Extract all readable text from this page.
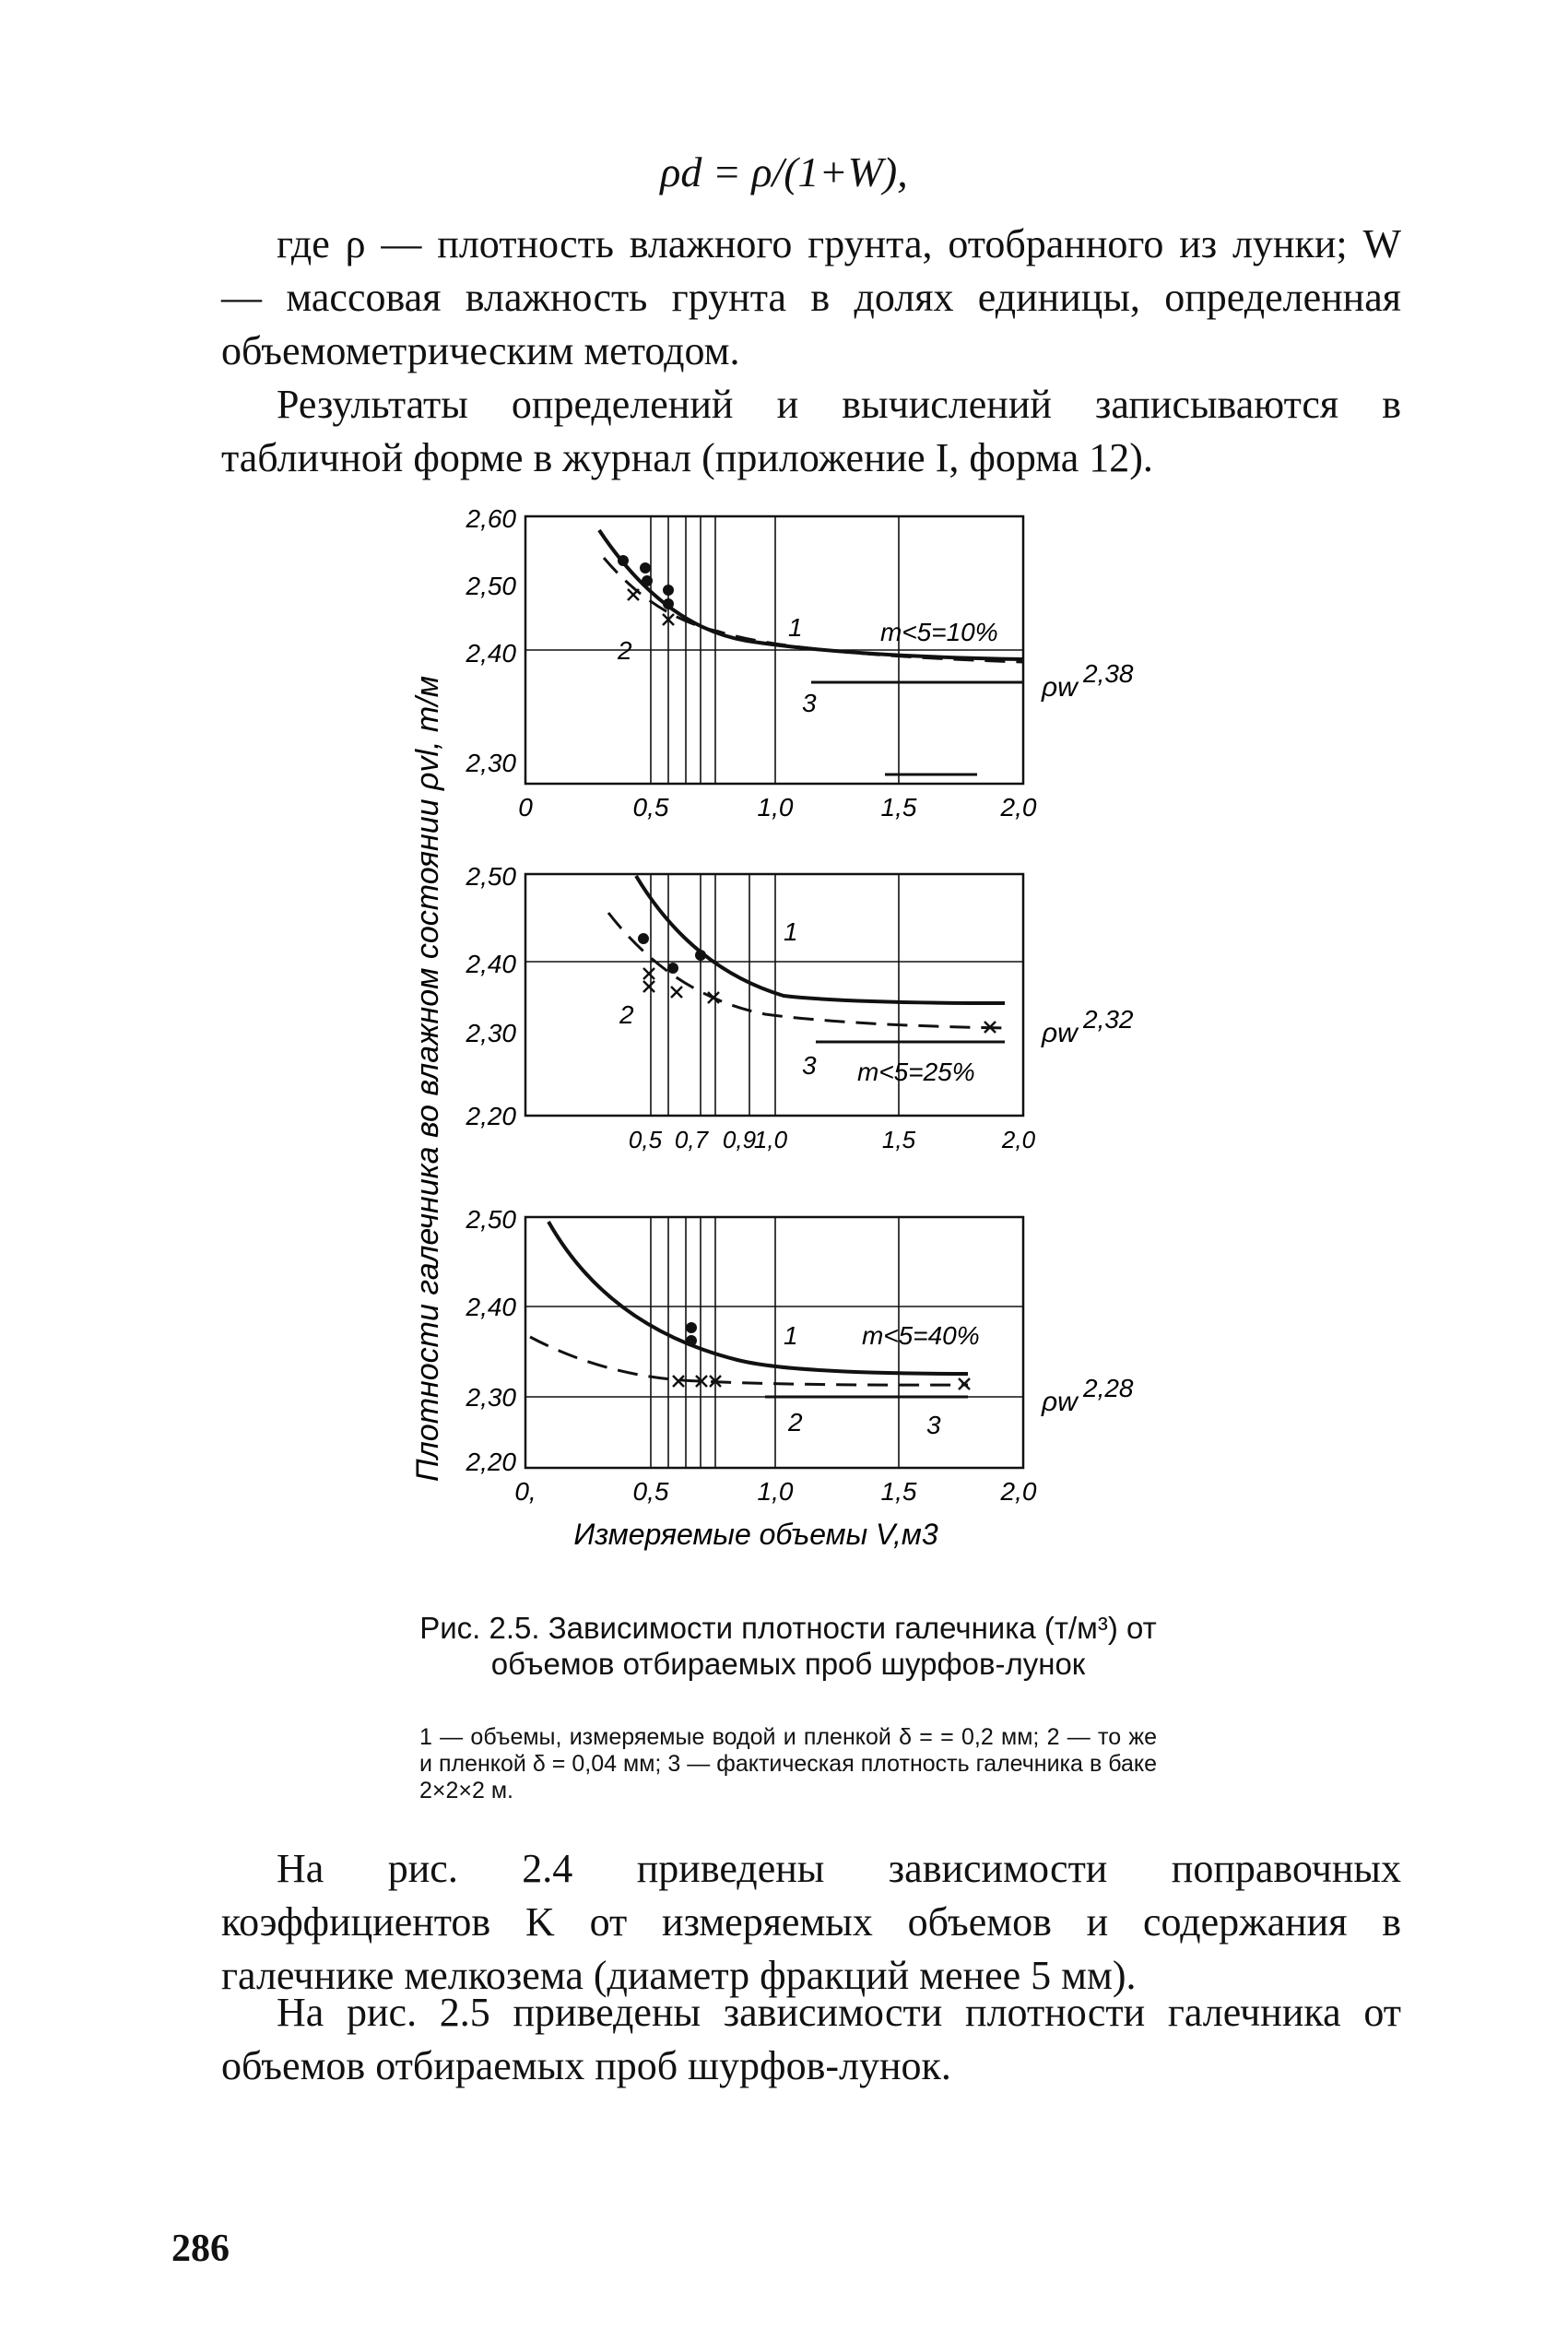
ρd = ρ/(1+W),

где ρ — плотность влажного грунта, отобранного из лунки; W — массовая влажность грунта в долях единицы, определенная объемометрическим методом.

Результаты определений и вычислений записываются в табличной форме в журнал (приложение I, форма 12).

Плотности галечника во влажном состоянии ρvl, т/м
2,60
2,50
2,40
2,30
0	0,5	1,0	1,5	2,0
1
2
3
m<5=10%
ρw 2,38
2,50
2,40
2,30
2,20
0,5 0,7 0,9
1,0	1,5	2,0
1
2
3 m<5=25%
ρw 2,32
2,50
2,40
2,30
2,20
0,	0,5	1,0	1,5	2,0
1
2	3
m<5=40%
ρw 2,28
Измеряемые объемы V,м3
Рис. 2.5. Зависимости плотности галечника (т/м³) от объемов отбираемых проб шурфов-лунок
1 — объемы, измеряемые водой и пленкой δ = = 0,2 мм; 2 — то же и пленкой δ = 0,04 мм; 3 — фактическая плотность галечника в баке 2×2×2 м.

На рис. 2.4 приведены зависимости поправочных коэффициентов K от измеряемых объемов и содержания в галечнике мелкозема (диаметр фракций менее 5 мм).

На рис. 2.5 приведены зависимости плотности галечника от объемов отбираемых проб шурфов-лунок.

286
